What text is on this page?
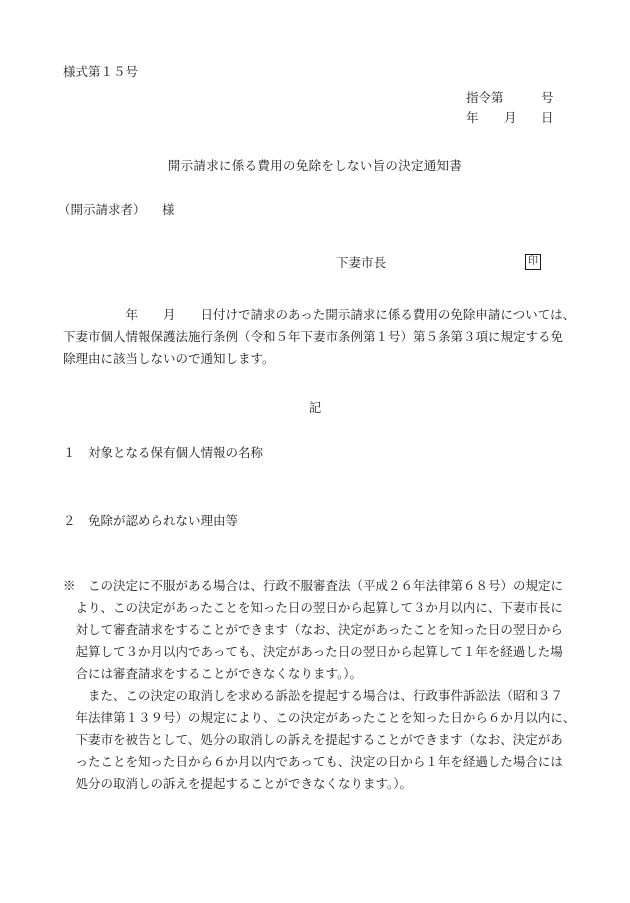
様式第１５号
指令第	号
年 月 日
開示請求に係る費用の免除をしない旨の決定通知書
（開示請求者） 様
下妻市長	印
　　　　　年　　月　　日付けで請求のあった開示請求に係る費用の免除申請については、
下妻市個人情報保護法施行条例（令和５年下妻市条例第１号）第５条第３項に規定する免
除理由に該当しないので通知します。
記
１　対象となる保有個人情報の名称
２　免除が認められない理由等
※　この決定に不服がある場合は、行政不服審査法（平成２６年法律第６８号）の規定に
　より、この決定があったことを知った日の翌日から起算して３か月以内に、下妻市長に
　対して審査請求をすることができます（なお、決定があったことを知った日の翌日から
　起算して３か月以内であっても、決定があった日の翌日から起算して１年を経過した場
　合には審査請求をすることができなくなります。）。
　　また、この決定の取消しを求める訴訟を提起する場合は、行政事件訴訟法（昭和３７
　年法律第１３９号）の規定により、この決定があったことを知った日から６か月以内に、
　下妻市を被告として、処分の取消しの訴えを提起することができます（なお、決定があ
　ったことを知った日から６か月以内であっても、決定の日から１年を経過した場合には
　処分の取消しの訴えを提起することができなくなります。）。
